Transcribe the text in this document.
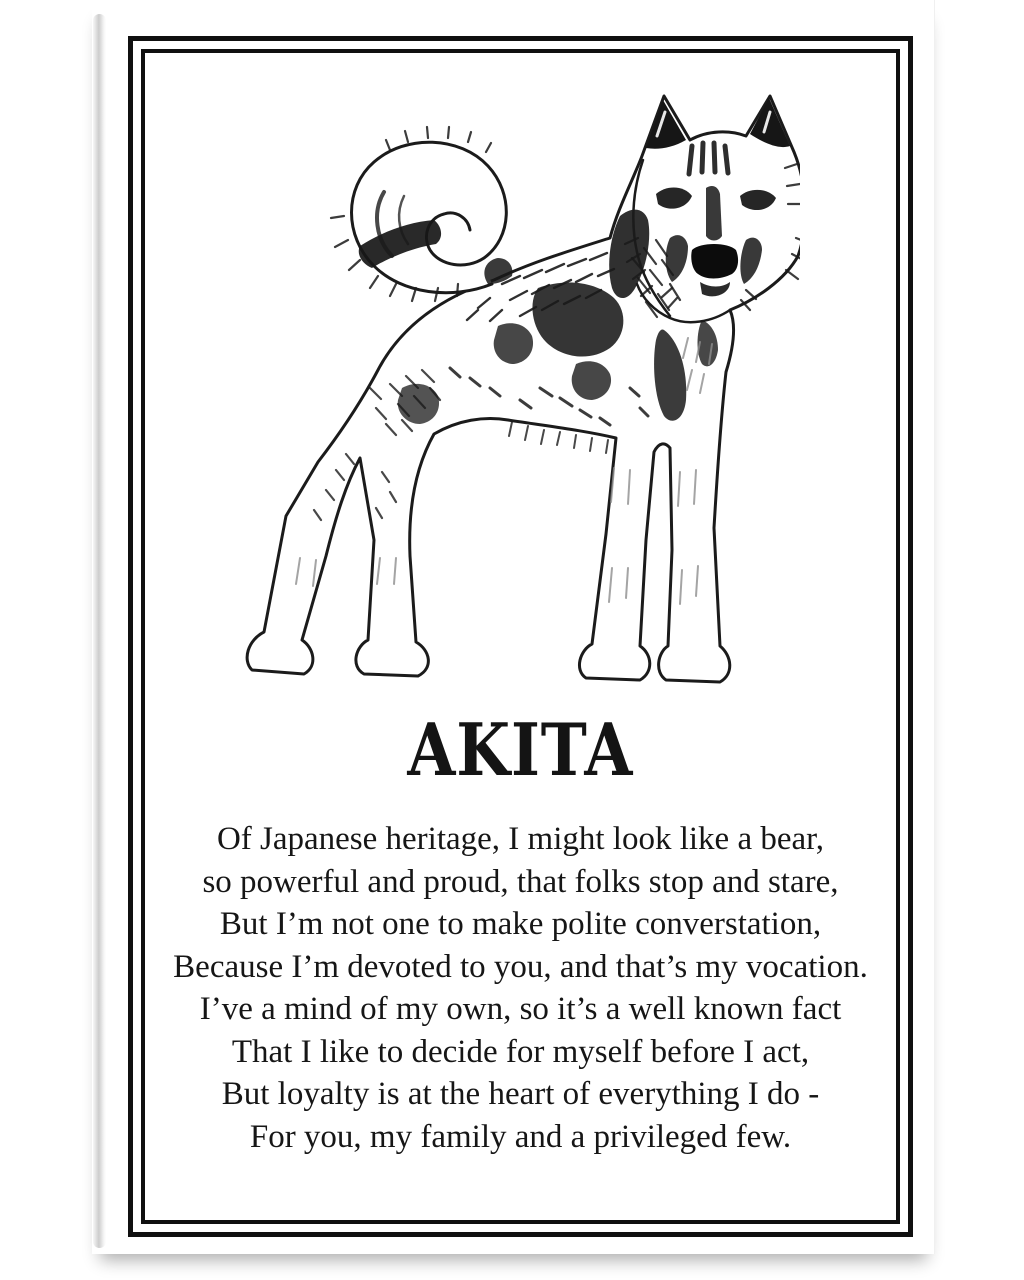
AKITA
Of Japanese heritage, I might look like a bear,
so powerful and proud, that folks stop and stare,
But I’m not one to make polite converstation,
Because I’m devoted to you, and that’s my vocation.
I’ve a mind of my own, so it’s a well known fact
That I like to decide for myself before I act,
But loyalty is at the heart of everything I do -
For you, my family and a privileged few.
